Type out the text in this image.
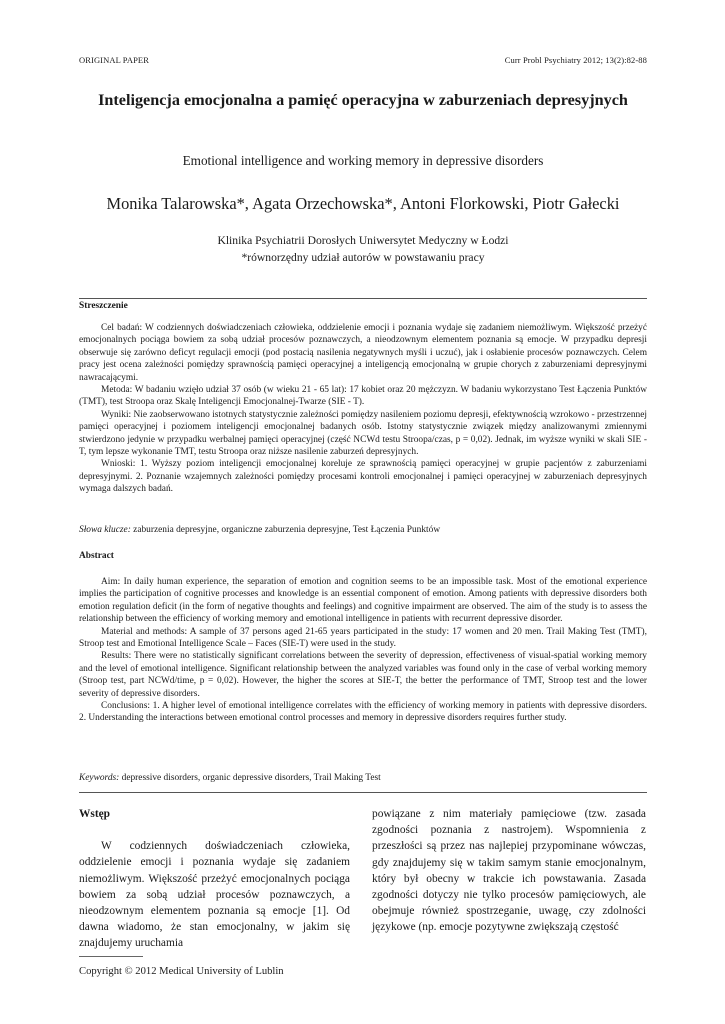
ORIGINAL PAPER	Curr Probl Psychiatry 2012; 13(2):82-88
Inteligencja emocjonalna a pamięć operacyjna w zaburzeniach depresyjnych
Emotional intelligence and working memory in depressive disorders
Monika Talarowska*, Agata Orzechowska*, Antoni Florkowski, Piotr Gałecki
Klinika Psychiatrii Dorosłych Uniwersytet Medyczny w Łodzi
*równorzędny udział autorów w powstawaniu pracy
Streszczenie

Cel badań: W codziennych doświadczeniach człowieka, oddzielenie emocji i poznania wydaje się zadaniem niemożliwym. Większość przeżyć emocjonalnych pociąga bowiem za sobą udział procesów poznawczych, a nieodzownym elementem poznania są emocje. W przypadku depresji obserwuje się zarówno deficyt regulacji emocji (pod postacią nasilenia negatywnych myśli i uczuć), jak i osłabienie procesów poznawczych. Celem pracy jest ocena zależności pomiędzy sprawnością pamięci operacyjnej a inteligencją emocjonalną w grupie chorych z zaburzeniami depresyjnymi nawracającymi.

Metoda: W badaniu wzięło udział 37 osób (w wieku 21 - 65 lat): 17 kobiet oraz 20 mężczyzn. W badaniu wykorzystano Test Łączenia Punktów (TMT), test Stroopa oraz Skalę Inteligencji Emocjonalnej-Twarze (SIE - T).

Wyniki: Nie zaobserwowano istotnych statystycznie zależności pomiędzy nasileniem poziomu depresji, efektywnością wzrokowo - przestrzennej pamięci operacyjnej i poziomem inteligencji emocjonalnej badanych osób. Istotny statystycznie związek między analizowanymi zmiennymi stwierdzono jedynie w przypadku werbalnej pamięci operacyjnej (część NCWd testu Stroopa/czas, p = 0,02). Jednak, im wyższe wyniki w skali SIE - T, tym lepsze wykonanie TMT, testu Stroopa oraz niższe nasilenie zaburzeń depresyjnych.

Wnioski: 1. Wyższy poziom inteligencji emocjonalnej koreluje ze sprawnością pamięci operacyjnej w grupie pacjentów z zaburzeniami depresyjnymi. 2. Poznanie wzajemnych zależności pomiędzy procesami kontroli emocjonalnej i pamięci operacyjnej w zaburzeniach depresyjnych wymaga dalszych badań.

Słowa klucze: zaburzenia depresyjne, organiczne zaburzenia depresyjne, Test Łączenia Punktów
Abstract

Aim: In daily human experience, the separation of emotion and cognition seems to be an impossible task. Most of the emotional experience implies the participation of cognitive processes and knowledge is an essential component of emotion. Among patients with depressive disorders both emotion regulation deficit (in the form of negative thoughts and feelings) and cognitive impairment are observed. The aim of the study is to assess the relationship between the efficiency of working memory and emotional intelligence in patients with recurrent depressive disorder.

Material and methods: A sample of 37 persons aged 21-65 years participated in the study: 17 women and 20 men. Trail Making Test (TMT), Stroop test and Emotional Intelligence Scale – Faces (SIE-T) were used in the study.

Results: There were no statistically significant correlations between the severity of depression, effectiveness of visual-spatial working memory and the level of emotional intelligence. Significant relationship between the analyzed variables was found only in the case of verbal working memory (Stroop test, part NCWd/time, p = 0,02). However, the higher the scores at SIE-T, the better the performance of TMT, Stroop test and the lower severity of depressive disorders.

Conclusions: 1. A higher level of emotional intelligence correlates with the efficiency of working memory in patients with depressive disorders. 2. Understanding the interactions between emotional control processes and memory in depressive disorders requires further study.

Keywords: depressive disorders, organic depressive disorders, Trail Making Test
Wstęp

W codziennych doświadczeniach człowieka, oddzielenie emocji i poznania wydaje się zadaniem niemożliwym. Większość przeżyć emocjonalnych pociąga bowiem za sobą udział procesów poznawczych, a nieodzownym elementem poznania są emocje [1]. Od dawna wiadomo, że stan emocjonalny, w jakim się znajdujemy uruchamia

powiązane z nim materiały pamięciowe (tzw. zasada zgodności poznania z nastrojem). Wspomnienia z przeszłości są przez nas najlepiej przypominane wówczas, gdy znajdujemy się w takim samym stanie emocjonalnym, który był obecny w trakcie ich powstawania. Zasada zgodności dotyczy nie tylko procesów pamięciowych, ale obejmuje również spostrzeganie, uwagę, czy zdolności językowe (np. emocje pozytywne zwiększają częstość

Copyright © 2012 Medical University of Lublin
